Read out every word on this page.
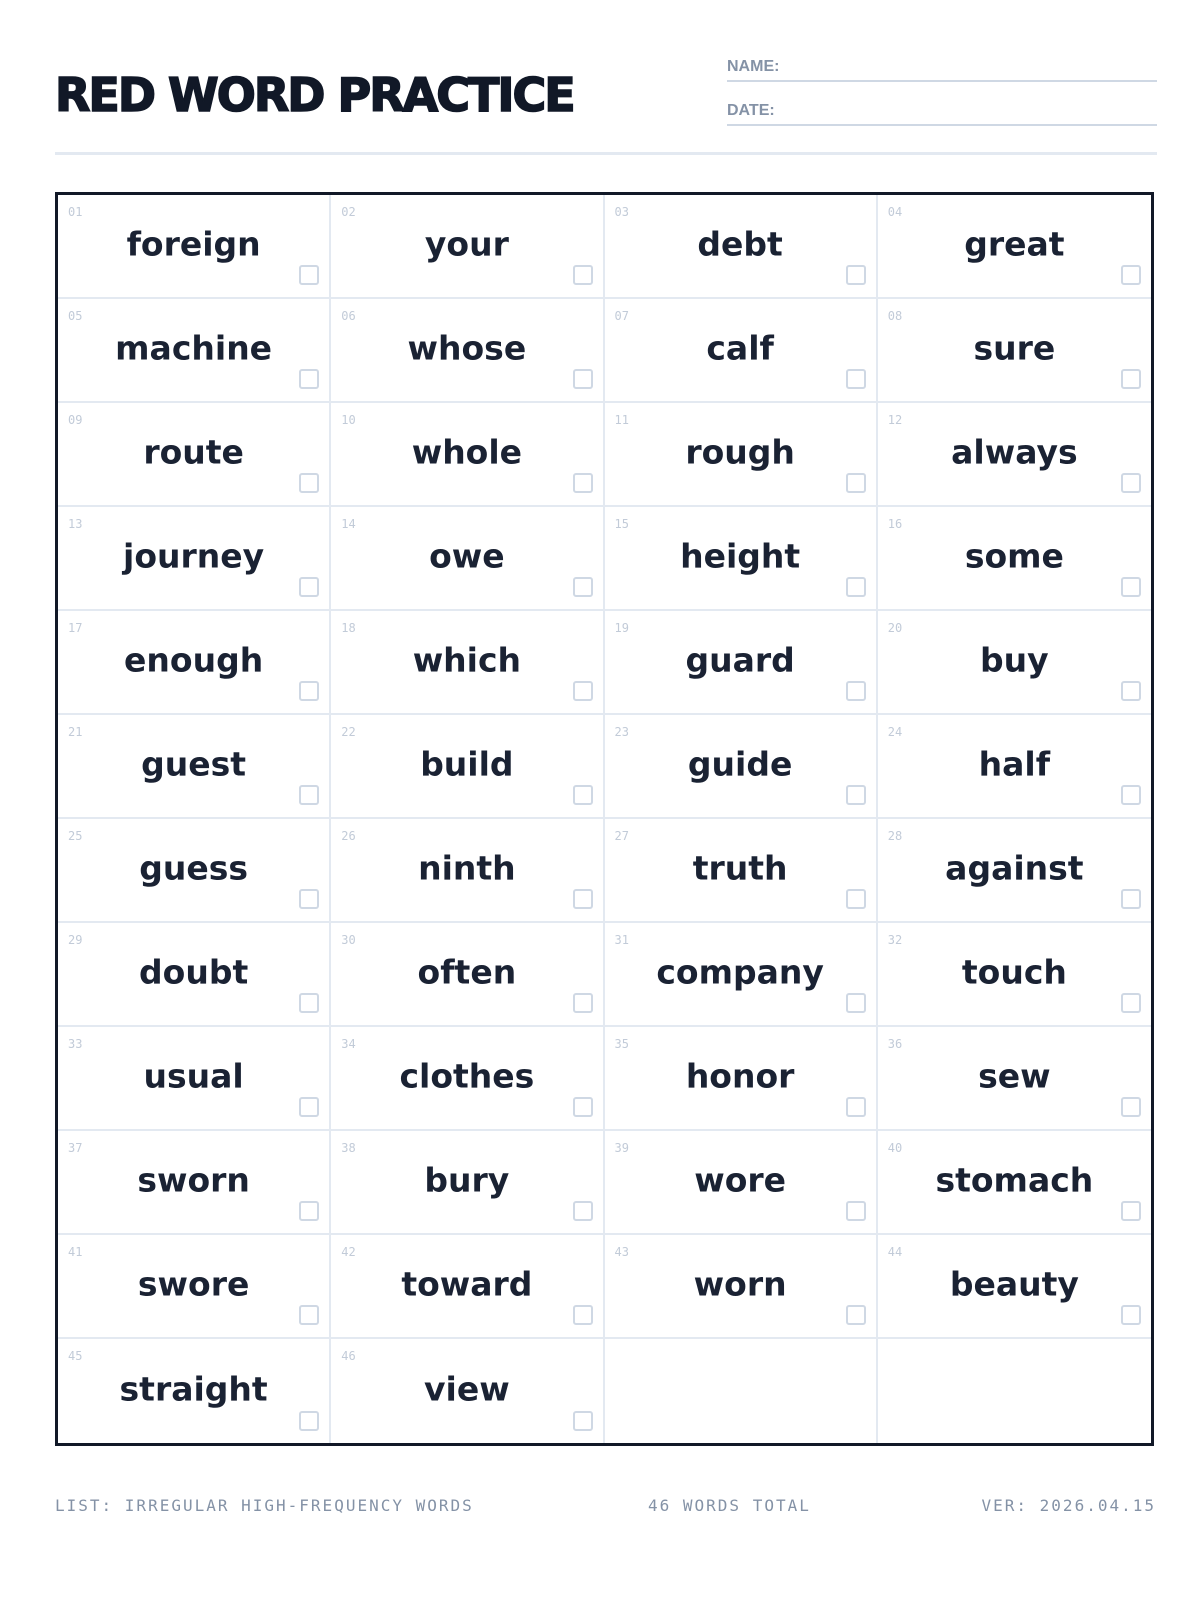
RED WORD PRACTICE
NAME:
DATE:
01
foreign
02
your
03
debt
04
great
05
machine
06
whose
07
calf
08
sure
09
route
10
whole
11
rough
12
always
13
journey
14
owe
15
height
16
some
17
enough
18
which
19
guard
20
buy
21
guest
22
build
23
guide
24
half
25
guess
26
ninth
27
truth
28
against
29
doubt
30
often
31
company
32
touch
33
usual
34
clothes
35
honor
36
sew
37
sworn
38
bury
39
wore
40
stomach
41
swore
42
toward
43
worn
44
beauty
45
straight
46
view
LIST: IRREGULAR HIGH-FREQUENCY WORDS	46 WORDS TOTAL	VER: 2026.04.15
